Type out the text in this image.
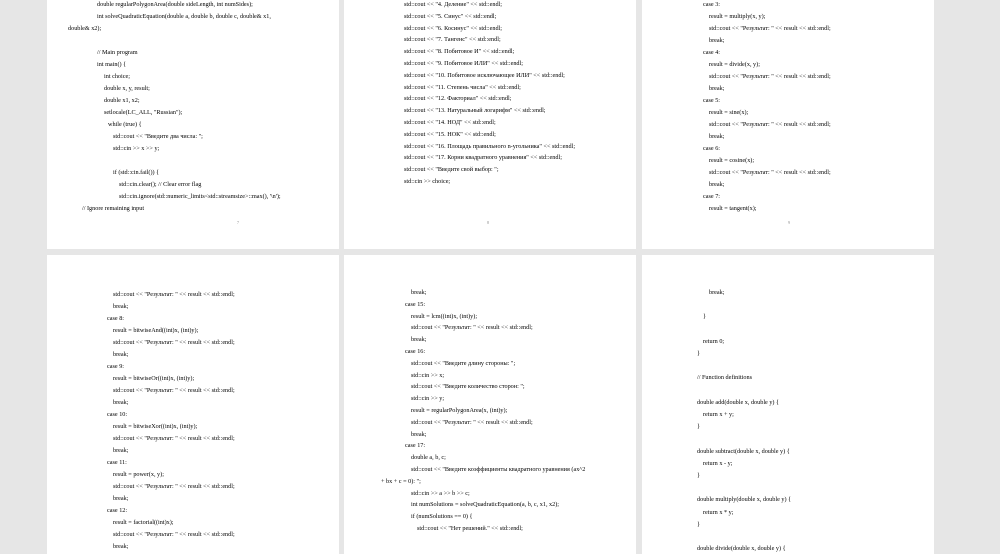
double regularPolygonArea(double sideLength, int numSides);
int solveQuadraticEquation(double a, double b, double c, double& x1,
double& x2);
// Main program
int main() {
int choice;
double x, y, result;
double x1, x2;
setlocale(LC_ALL, "Russian");
while (true) {
std::cout << "Введите два числа: ";
std::cin >> x >> y;
if (std::cin.fail()) {
std::cin.clear(); // Clear error flag
std::cin.ignore(std::numeric_limits<std::streamsize>::max(), '\n');
// Ignore remaining input
7
std::cout << "4. Деление" << std::endl;
std::cout << "5. Синус" << std::endl;
std::cout << "6. Косинус" << std::endl;
std::cout << "7. Тангенс" << std::endl;
std::cout << "8. Побитовое И" << std::endl;
std::cout << "9. Побитовое ИЛИ" << std::endl;
std::cout << "10. Побитовое исключающее ИЛИ" << std::endl;
std::cout << "11. Степень числа" << std::endl;
std::cout << "12. Факториал" << std::endl;
std::cout << "13. Натуральный логарифм" << std::endl;
std::cout << "14. НОД" << std::endl;
std::cout << "15. НОК" << std::endl;
std::cout << "16. Площадь правильного n-угольника" << std::endl;
std::cout << "17. Корни квадратного уравнения" << std::endl;
std::cout << "Введите свой выбор: ";
std::cin >> choice;
8
case 3:
result = multiply(x, y);
std::cout << "Результат: " << result << std::endl;
break;
case 4:
result = divide(x, y);
std::cout << "Результат: " << result << std::endl;
break;
case 5:
result = sine(x);
std::cout << "Результат: " << result << std::endl;
break;
case 6:
result = cosine(x);
std::cout << "Результат: " << result << std::endl;
break;
case 7:
result = tangent(x);
9
std::cout << "Результат: " << result << std::endl;
break;
case 8:
result = bitwiseAnd((int)x, (int)y);
std::cout << "Результат: " << result << std::endl;
break;
case 9:
result = bitwiseOr((int)x, (int)y);
std::cout << "Результат: " << result << std::endl;
break;
case 10:
result = bitwiseXor((int)x, (int)y);
std::cout << "Результат: " << result << std::endl;
break;
case 11:
result = power(x, y);
std::cout << "Результат: " << result << std::endl;
break;
case 12:
result = factorial((int)x);
std::cout << "Результат: " << result << std::endl;
break;
break;
case 15:
result = lcm((int)x, (int)y);
std::cout << "Результат: " << result << std::endl;
break;
case 16:
std::cout << "Введите длину стороны: ";
std::cin >> x;
std::cout << "Введите количество сторон: ";
std::cin >> y;
result = regularPolygonArea(x, (int)y);
std::cout << "Результат: " << result << std::endl;
break;
case 17:
double a, b, c;
std::cout << "Введите коэффициенты квадратного уравнения (ax^2
+ bx + c = 0): ";
std::cin >> a >> b >> c;
int numSolutions = solveQuadraticEquation(a, b, c, x1, x2);
if (numSolutions == 0) {
std::cout << "Нет решений." << std::endl;
break;
}
return 0;
}
// Function definitions
double add(double x, double y) {
return x + y;
}
double subtract(double x, double y) {
return x - y;
}
double multiply(double x, double y) {
return x * y;
}
double divide(double x, double y) {
